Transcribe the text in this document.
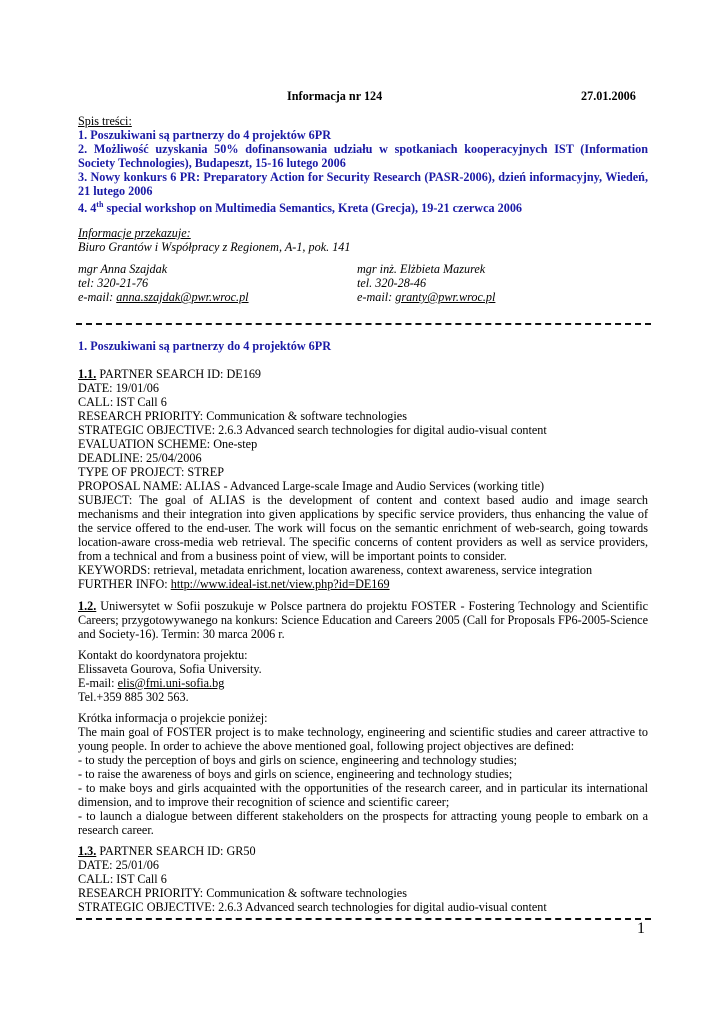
Informacja nr 124	27.01.2006
Spis treści:
1. Poszukiwani są partnerzy do 4 projektów 6PR
2. Możliwość uzyskania 50% dofinansowania udziału w spotkaniach kooperacyjnych IST (Information
Society Technologies), Budapeszt, 15-16 lutego 2006
3. Nowy konkurs 6 PR: Preparatory Action for Security Research (PASR-2006), dzień informacyjny, Wiedeń,
21 lutego 2006
4. 4th special workshop on Multimedia Semantics, Kreta (Grecja), 19-21 czerwca 2006
Informacje przekazuje:
Biuro Grantów i Współpracy z Regionem, A-1, pok. 141
mgr Anna Szajdak
tel: 320-21-76
e-mail: anna.szajdak@pwr.wroc.pl
mgr inż. Elżbieta Mazurek
tel. 320-28-46
e-mail: granty@pwr.wroc.pl
1. Poszukiwani są partnerzy do 4 projektów 6PR
1.1. PARTNER SEARCH ID: DE169
DATE: 19/01/06
CALL: IST Call 6
RESEARCH PRIORITY: Communication & software technologies
STRATEGIC OBJECTIVE: 2.6.3 Advanced search technologies for digital audio-visual content
EVALUATION SCHEME: One-step
DEADLINE: 25/04/2006
TYPE OF PROJECT: STREP
PROPOSAL NAME: ALIAS - Advanced Large-scale Image and Audio Services (working title)
SUBJECT: The goal of ALIAS is the development of content and context based audio and image search
mechanisms and their integration into given applications by specific service providers, thus enhancing the value of
the service offered to the end-user. The work will focus on the semantic enrichment of web-search, going towards
location-aware cross-media web retrieval. The specific concerns of content providers as well as service providers,
from a technical and from a business point of view, will be important points to consider.
KEYWORDS: retrieval, metadata enrichment, location awareness, context awareness, service integration
FURTHER INFO: http://www.ideal-ist.net/view.php?id=DE169
1.2. Uniwersytet w Sofii poszukuje w Polsce partnera do projektu FOSTER - Fostering Technology and Scientific
Careers; przygotowywanego na konkurs: Science Education and Careers 2005 (Call for Proposals FP6-2005-Science
and Society-16). Termin: 30 marca 2006 r.
Kontakt do koordynatora projektu:
Elissaveta Gourova, Sofia University.
E-mail: elis@fmi.uni-sofia.bg
Tel.+359 885 302 563.
Krótka informacja o projekcie poniżej:
The main goal of FOSTER project is to make technology, engineering and scientific studies and career attractive to
young people. In order to achieve the above mentioned goal, following project objectives are defined:
- to study the perception of boys and girls on science, engineering and technology studies;
- to raise the awareness of boys and girls on science, engineering and technology studies;
- to make boys and girls acquainted with the opportunities of the research career, and in particular its international
dimension, and to improve their recognition of science and scientific career;
- to launch a dialogue between different stakeholders on the prospects for attracting young people to embark on a
research career.
1.3. PARTNER SEARCH ID: GR50
DATE: 25/01/06
CALL: IST Call 6
RESEARCH PRIORITY: Communication & software technologies
STRATEGIC OBJECTIVE: 2.6.3 Advanced search technologies for digital audio-visual content
1
